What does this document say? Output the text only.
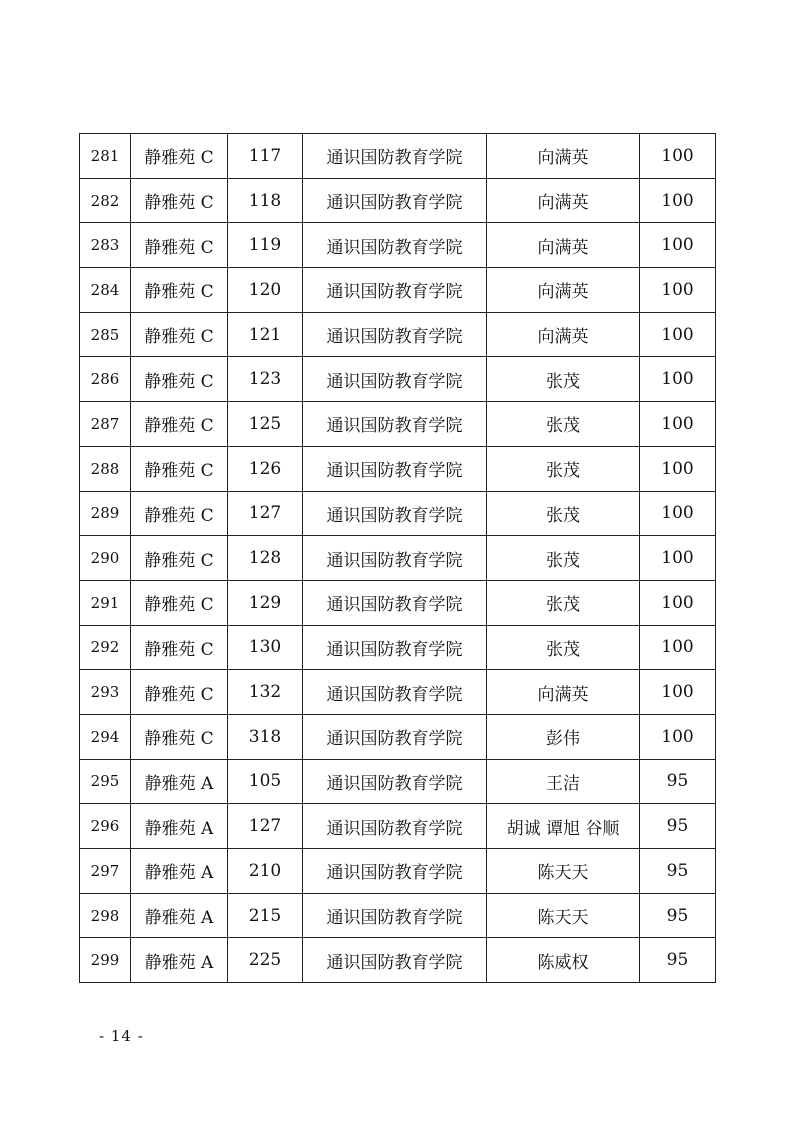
281	静雅苑 C	117	通识国防教育学院	向满英	100
282	静雅苑 C	118	通识国防教育学院	向满英	100
283	静雅苑 C	119	通识国防教育学院	向满英	100
284	静雅苑 C	120	通识国防教育学院	向满英	100
285	静雅苑 C	121	通识国防教育学院	向满英	100
286	静雅苑 C	123	通识国防教育学院	张茂	100
287	静雅苑 C	125	通识国防教育学院	张茂	100
288	静雅苑 C	126	通识国防教育学院	张茂	100
289	静雅苑 C	127	通识国防教育学院	张茂	100
290	静雅苑 C	128	通识国防教育学院	张茂	100
291	静雅苑 C	129	通识国防教育学院	张茂	100
292	静雅苑 C	130	通识国防教育学院	张茂	100
293	静雅苑 C	132	通识国防教育学院	向满英	100
294	静雅苑 C	318	通识国防教育学院	彭伟	100
295	静雅苑 A	105	通识国防教育学院	王洁	95
296	静雅苑 A	127	通识国防教育学院	胡诚 谭旭 谷顺	95
297	静雅苑 A	210	通识国防教育学院	陈天天	95
298	静雅苑 A	215	通识国防教育学院	陈天天	95
299	静雅苑 A	225	通识国防教育学院	陈威权	95
- 14 -
